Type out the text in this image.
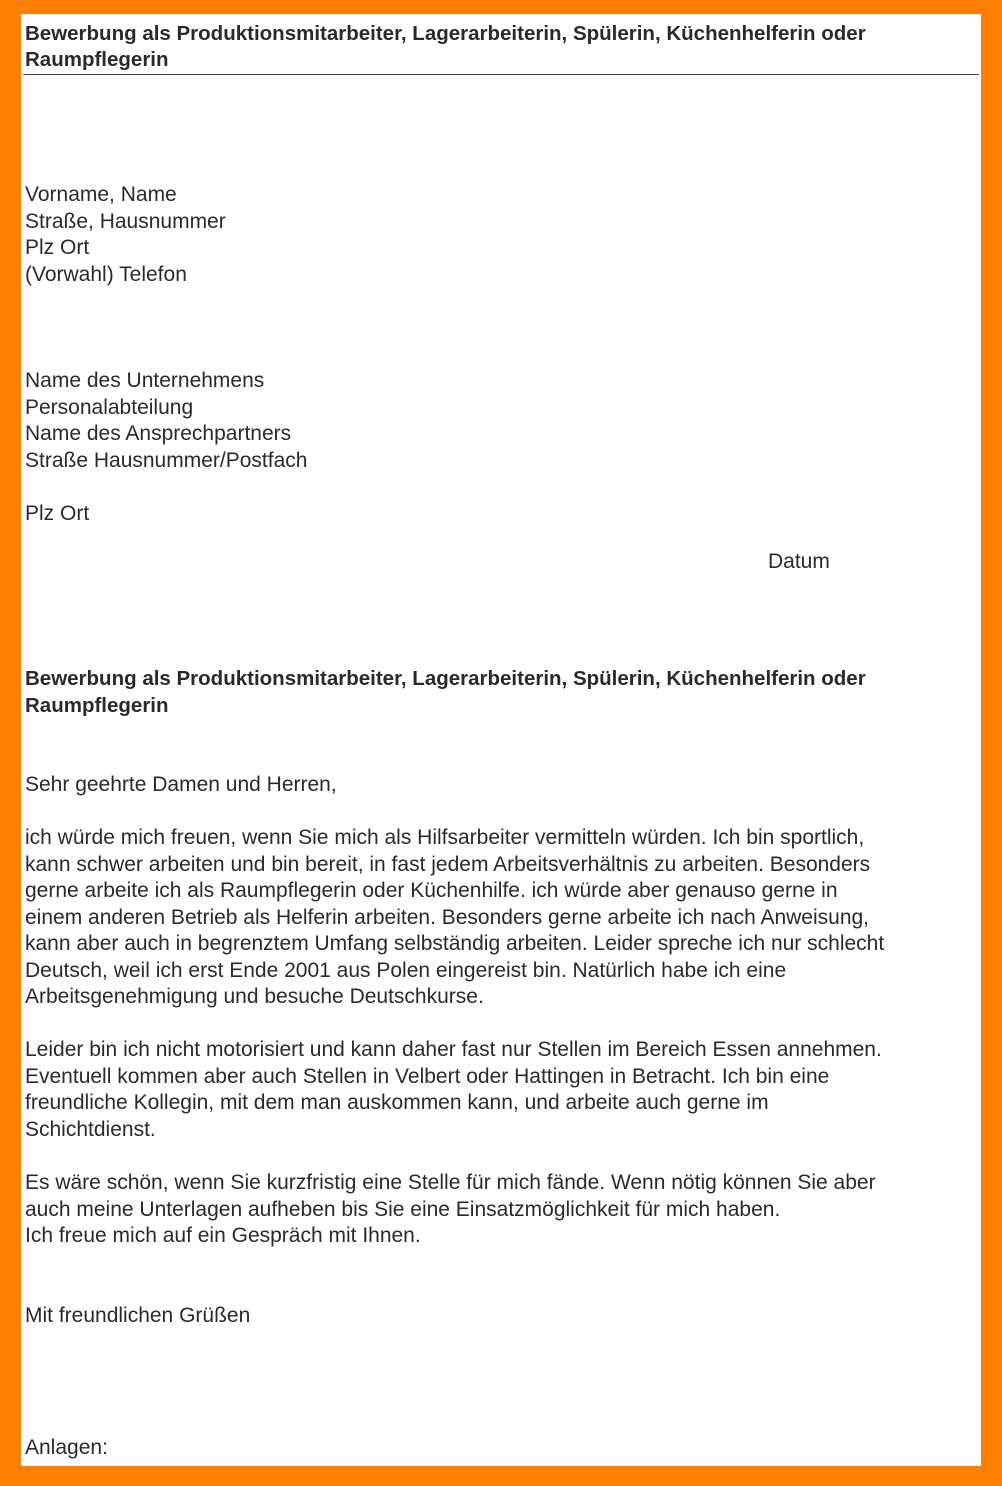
Bewerbung als Produktionsmitarbeiter, Lagerarbeiterin, Spülerin, Küchenhelferin oder
Raumpflegerin
Vorname, Name
Straße, Hausnummer
Plz Ort
(Vorwahl) Telefon
Name des Unternehmens
Personalabteilung
Name des Ansprechpartners
Straße Hausnummer/Postfach
Plz Ort
Datum
Bewerbung als Produktionsmitarbeiter, Lagerarbeiterin, Spülerin, Küchenhelferin oder
Raumpflegerin
Sehr geehrte Damen und Herren,
ich würde mich freuen, wenn Sie mich als Hilfsarbeiter vermitteln würden. Ich bin sportlich,
kann schwer arbeiten und bin bereit, in fast jedem Arbeitsverhältnis zu arbeiten. Besonders
gerne arbeite ich als Raumpflegerin oder Küchenhilfe. ich würde aber genauso gerne in
einem anderen Betrieb als Helferin arbeiten. Besonders gerne arbeite ich nach Anweisung,
kann aber auch in begrenztem Umfang selbständig arbeiten. Leider spreche ich nur schlecht
Deutsch, weil ich erst Ende 2001 aus Polen eingereist bin. Natürlich habe ich eine
Arbeitsgenehmigung und besuche Deutschkurse.
Leider bin ich nicht motorisiert und kann daher fast nur Stellen im Bereich Essen annehmen.
Eventuell kommen aber auch Stellen in Velbert oder Hattingen in Betracht. Ich bin eine
freundliche Kollegin, mit dem man auskommen kann, und arbeite auch gerne im
Schichtdienst.
Es wäre schön, wenn Sie kurzfristig eine Stelle für mich fände. Wenn nötig können Sie aber
auch meine Unterlagen aufheben bis Sie eine Einsatzmöglichkeit für mich haben.
Ich freue mich auf ein Gespräch mit Ihnen.
Mit freundlichen Grüßen
Anlagen:
